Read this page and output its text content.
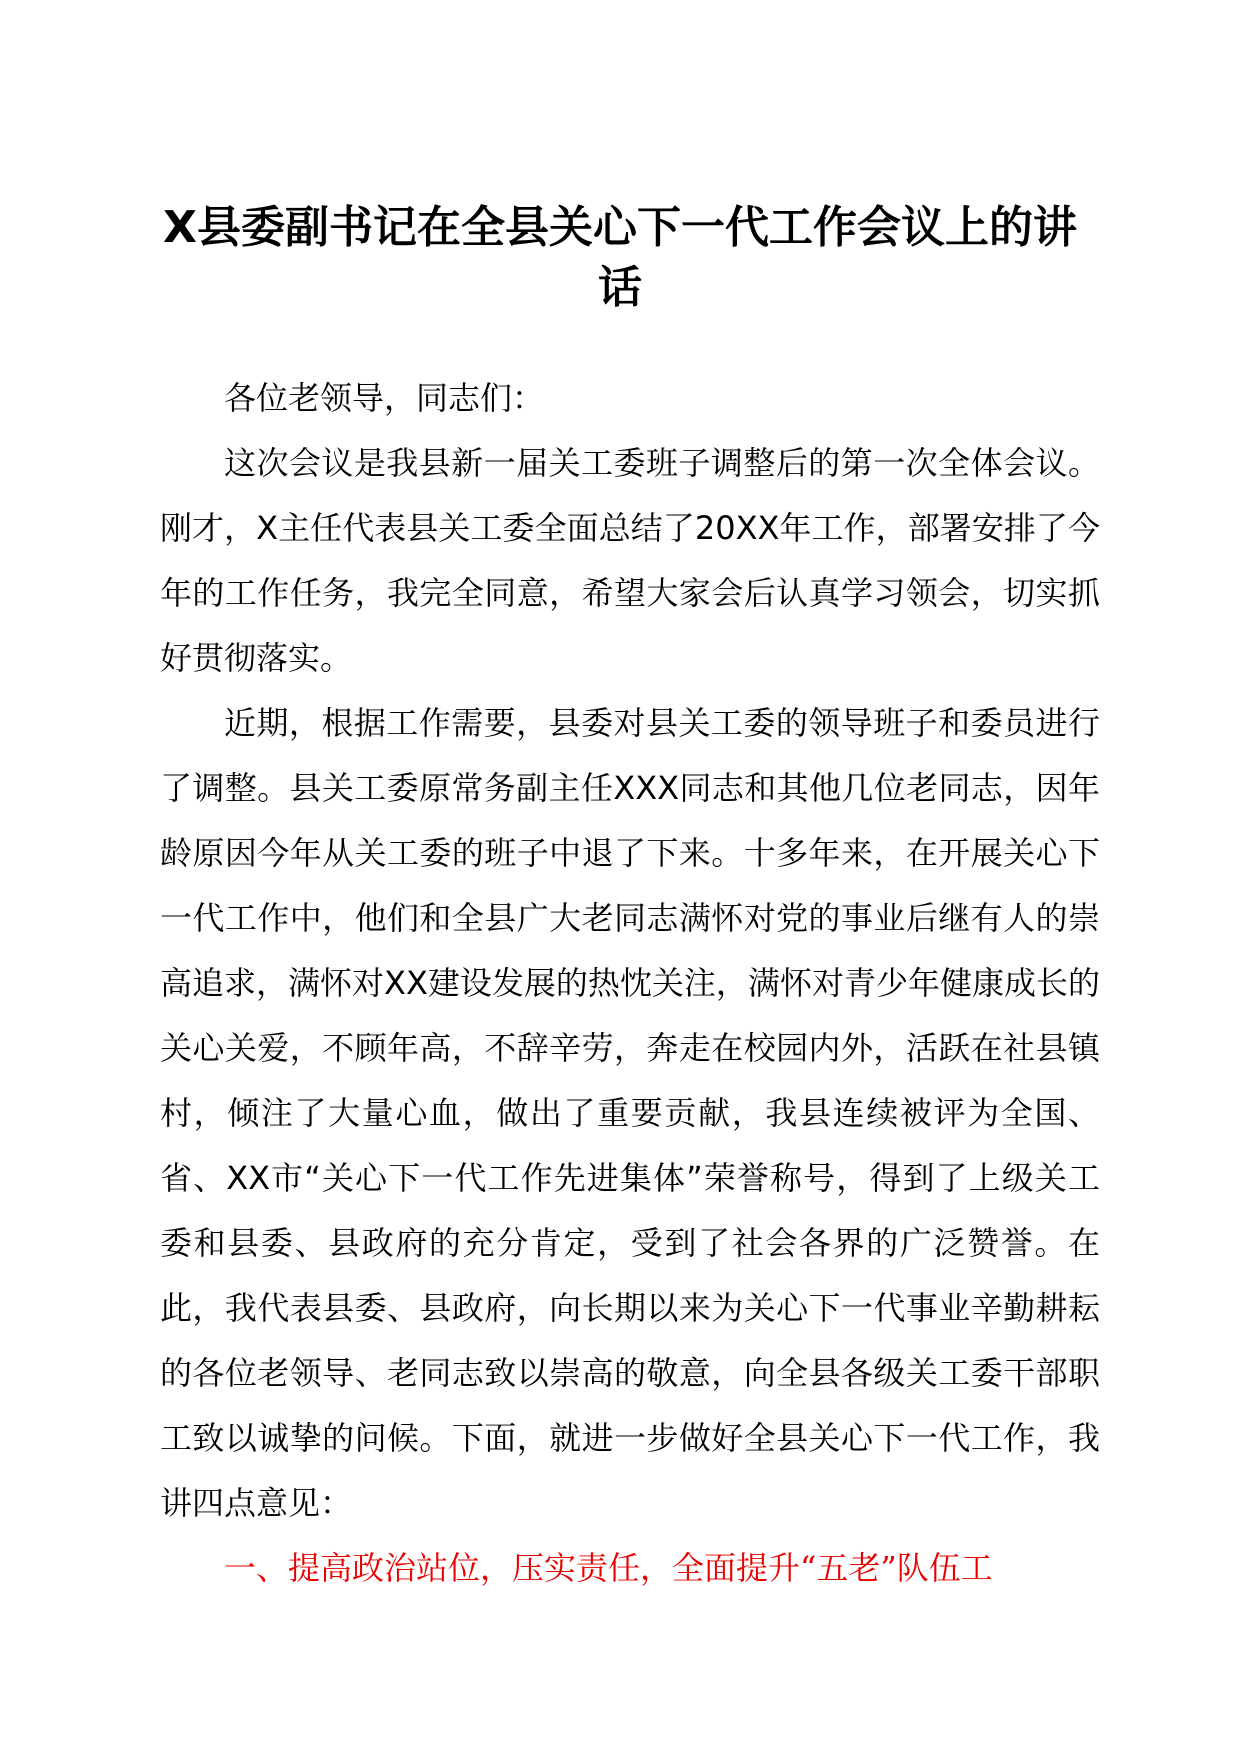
X县委副书记在全县关心下一代工作会议上的讲话

各位老领导，同志们：

这次会议是我县新一届关工委班子调整后的第一次全体会议。刚才，X主任代表县关工委全面总结了20XX年工作，部署安排了今年的工作任务，我完全同意，希望大家会后认真学习领会，切实抓好贯彻落实。

近期，根据工作需要，县委对县关工委的领导班子和委员进行了调整。县关工委原常务副主任XXX同志和其他几位老同志，因年龄原因今年从关工委的班子中退了下来。十多年来，在开展关心下一代工作中，他们和全县广大老同志满怀对党的事业后继有人的崇高追求，满怀对XX建设发展的热忱关注，满怀对青少年健康成长的关心关爱，不顾年高，不辞辛劳，奔走在校园内外，活跃在社县镇村，倾注了大量心血，做出了重要贡献，我县连续被评为全国、省、XX市“关心下一代工作先进集体”荣誉称号，得到了上级关工委和县委、县政府的充分肯定，受到了社会各界的广泛赞誉。在此，我代表县委、县政府，向长期以来为关心下一代事业辛勤耕耘的各位老领导、老同志致以崇高的敬意，向全县各级关工委干部职工致以诚挚的问候。下面，就进一步做好全县关心下一代工作，我讲四点意见：

一、提高政治站位，压实责任，全面提升“五老”队伍工
